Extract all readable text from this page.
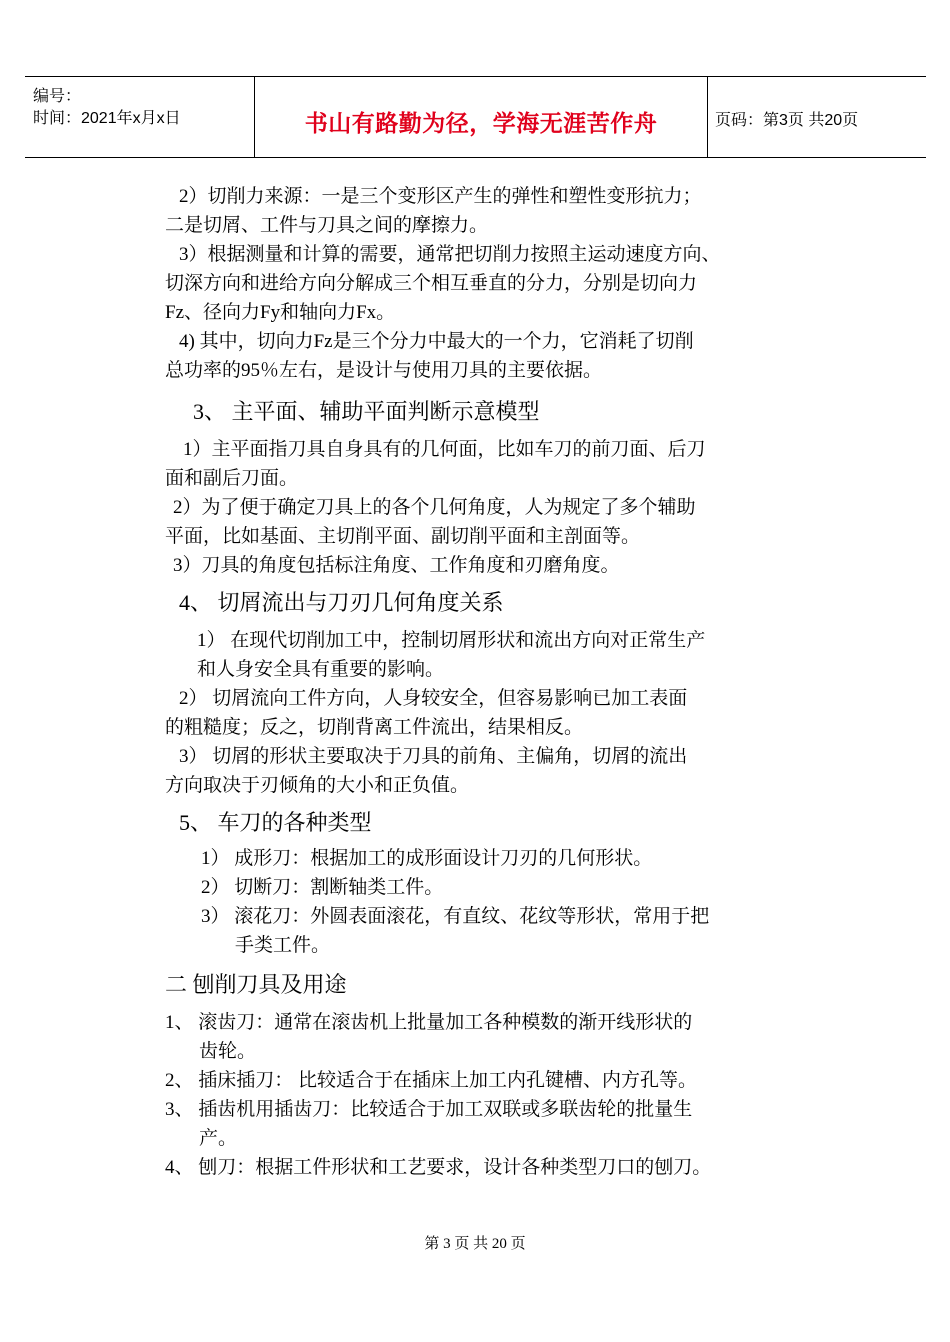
编号：
时间：2021年x月x日	书山有路勤为径，学海无涯苦作舟	页码：第3页 共20页

2）切削力来源：一是三个变形区产生的弹性和塑性变形抗力；

二是切屑、工件与刀具之间的摩擦力。

3）根据测量和计算的需要，通常把切削力按照主运动速度方向、

切深方向和进给方向分解成三个相互垂直的分力，分别是切向力

Fz、径向力Fy和轴向力Fx。

4) 其中，切向力Fz是三个分力中最大的一个力，它消耗了切削

总功率的95％左右，是设计与使用刀具的主要依据。

3、 主平面、辅助平面判断示意模型

1）主平面指刀具自身具有的几何面，比如车刀的前刀面、后刀

面和副后刀面。

2）为了便于确定刀具上的各个几何角度，人为规定了多个辅助

平面，比如基面、主切削平面、副切削平面和主剖面等。

3）刀具的角度包括标注角度、工作角度和刃磨角度。

4、 切屑流出与刀刃几何角度关系

1） 在现代切削加工中，控制切屑形状和流出方向对正常生产

和人身安全具有重要的影响。

2） 切屑流向工件方向，人身较安全，但容易影响已加工表面

的粗糙度；反之，切削背离工件流出，结果相反。

3） 切屑的形状主要取决于刀具的前角、主偏角，切屑的流出

方向取决于刃倾角的大小和正负值。

5、 车刀的各种类型

1） 成形刀：根据加工的成形面设计刀刃的几何形状。

2） 切断刀：割断轴类工件。

3） 滚花刀：外圆表面滚花，有直纹、花纹等形状，常用于把

手类工件。

二 刨削刀具及用途

1、 滚齿刀：通常在滚齿机上批量加工各种模数的渐开线形状的

齿轮。

2、 插床插刀： 比较适合于在插床上加工内孔键槽、内方孔等。

3、 插齿机用插齿刀：比较适合于加工双联或多联齿轮的批量生

产。

4、 刨刀：根据工件形状和工艺要求，设计各种类型刀口的刨刀。

第 3 页 共 20 页
